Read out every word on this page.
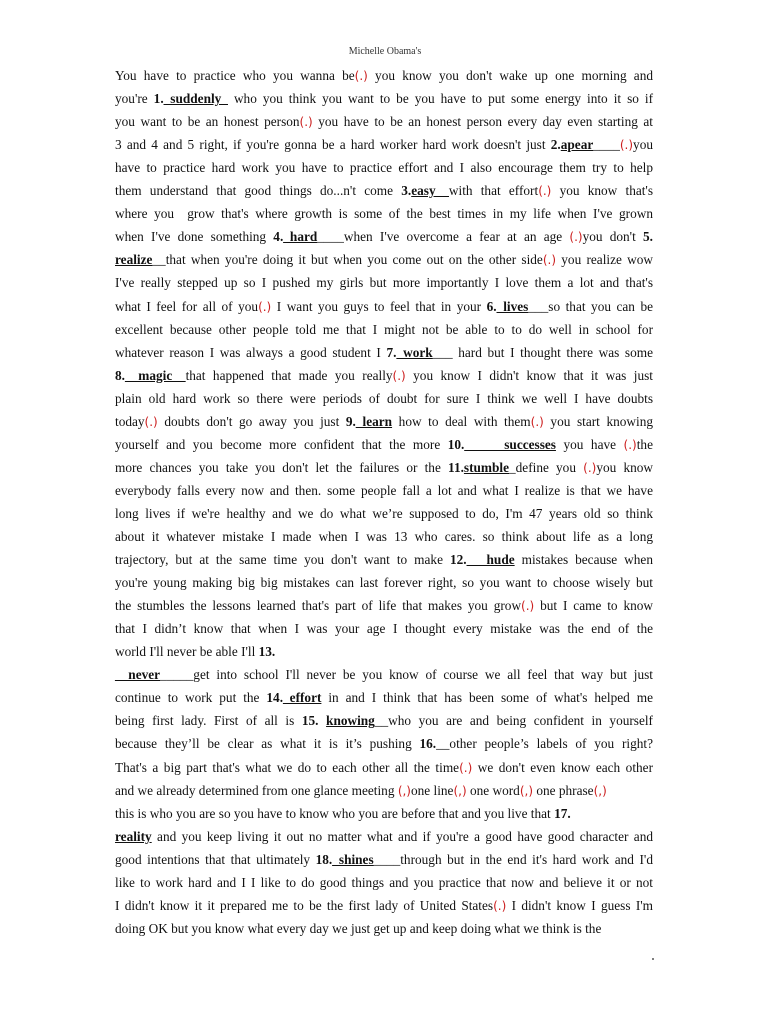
Michelle Obama's
You have to practice who you wanna be(.) you know you don't wake up one morning and
you're 1._suddenly_ who you think you want to be you have to put some energy into it so if
you want to be an honest person(.) you have to be an honest person every day even starting at
3 and 4 and 5 right, if you're gonna be a hard worker hard work doesn't just 2.apear____(.)you
have to practice hard work you have to practice effort and I also encourage them try to help
them understand that good things do...n't come 3.easy__with that effort(.) you know that's
where you  grow that's where growth is some of the best times in my life when I've grown
when I've done something 4._hard____when I've overcome a fear at an age (.)you don't 5.
realize__that when you're doing it but when you come out on the other side(.) you realize wow
I've really stepped up so I pushed my girls but more importantly I love them a lot and that's
what I feel for all of you(.) I want you guys to feel that in your 6._lives___so that you can be
excellent because other people told me that I might not be able to to do well in school for
whatever reason I was always a good student I 7._work___ hard but I thought there was some
8.__magic__that happened that made you really(.) you know I didn't know that it was just
plain old hard work so there were periods of doubt for sure I think we well I have doubts
today(.) doubts don't go away you just 9._learn how to deal with them(.) you start knowing
yourself and you become more confident that the more 10.______successes you have (.)the
more chances you take you don't let the failures or the 11.stumble_define you (.)you know
everybody falls every now and then. some people fall a lot and what I realize is that we have
long lives if we're healthy and we do what we’re supposed to do, I'm 47 years old so think
about it whatever mistake I made when I was 13 who cares. so think about life as a long
trajectory, but at the same time you don't want to make 12.___hude mistakes because when
you're young making big big mistakes can last forever right, so you want to choose wisely but
the stumbles the lessons learned that's part of life that makes you grow(.) but I came to know
that I didn’t know that when I was your age I thought every mistake was the end of the
world I'll never be able I'll 13.
__never_____get into school I'll never be you know of course we all feel that way but just
continue to work put the 14._effort in and I think that has been some of what's helped me
being first lady. First of all is 15. knowing__who you are and being confident in yourself
because they’ll be clear as what it is it’s pushing 16.__other people’s labels of you right?
That's a big part that's what we do to each other all the time(.) we don't even know each other
and we already determined from one glance meeting (,)one line(,) one word(,) one phrase(,)
this is who you are so you have to know who you are before that and you live that 17.
reality and you keep living it out no matter what and if you're a good have good character and
good intentions that that ultimately 18._shines____through but in the end it's hard work and I'd
like to work hard and I I like to do good things and you practice that now and believe it or not
I didn't know it it prepared me to be the first lady of United States(.) I didn't know I guess I'm
doing OK but you know what every day we just get up and keep doing what we think is the
